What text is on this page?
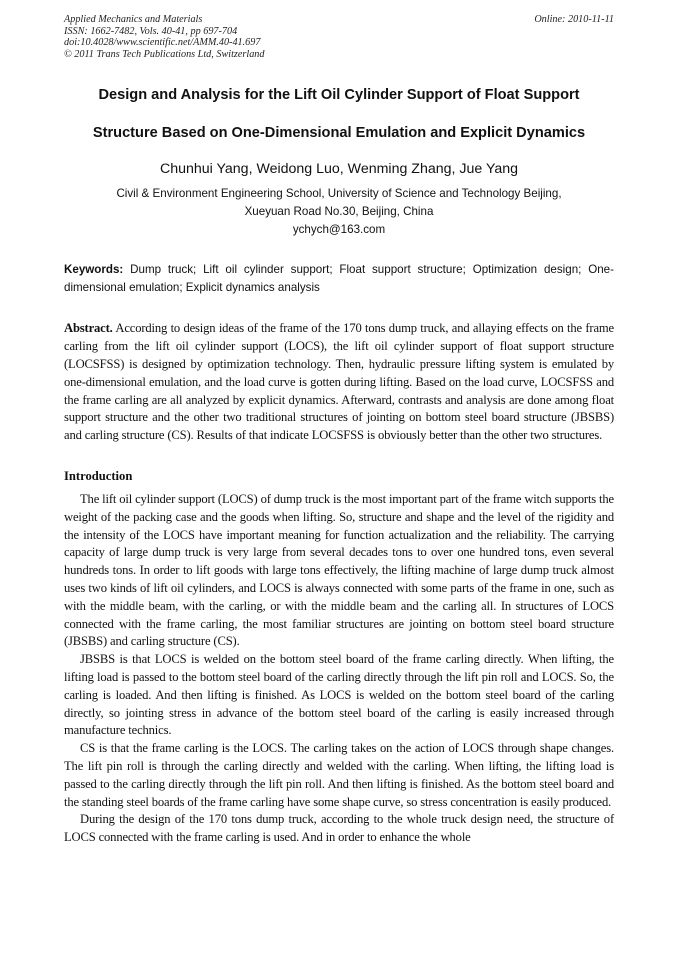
Applied Mechanics and Materials
ISSN: 1662-7482, Vols. 40-41, pp 697-704
doi:10.4028/www.scientific.net/AMM.40-41.697
© 2011 Trans Tech Publications Ltd, Switzerland
Online: 2010-11-11
Design and Analysis for the Lift Oil Cylinder Support of Float Support
Structure Based on One-Dimensional Emulation and Explicit Dynamics
Chunhui Yang, Weidong Luo, Wenming Zhang, Jue Yang
Civil & Environment Engineering School, University of Science and Technology Beijing,
Xueyuan Road No.30, Beijing, China
ychych@163.com
Keywords: Dump truck; Lift oil cylinder support; Float support structure; Optimization design; One-dimensional emulation; Explicit dynamics analysis
Abstract. According to design ideas of the frame of the 170 tons dump truck, and allaying effects on the frame carling from the lift oil cylinder support (LOCS), the lift oil cylinder support of float support structure (LOCSFSS) is designed by optimization technology. Then, hydraulic pressure lifting system is emulated by one-dimensional emulation, and the load curve is gotten during lifting. Based on the load curve, LOCSFSS and the frame carling are all analyzed by explicit dynamics. Afterward, contrasts and analysis are done among float support structure and the other two traditional structures of jointing on bottom steel board structure (JBSBS) and carling structure (CS). Results of that indicate LOCSFSS is obviously better than the other two structures.
Introduction

The lift oil cylinder support (LOCS) of dump truck is the most important part of the frame witch supports the weight of the packing case and the goods when lifting. So, structure and shape and the level of the rigidity and the intensity of the LOCS have important meaning for function actualization and the reliability. The carrying capacity of large dump truck is very large from several decades tons to over one hundred tons, even several hundreds tons. In order to lift goods with large tons effectively, the lifting machine of large dump truck almost uses two kinds of lift oil cylinders, and LOCS is always connected with some parts of the frame in one, such as with the middle beam, with the carling, or with the middle beam and the carling all. In structures of LOCS connected with the frame carling, the most familiar structures are jointing on bottom steel board structure (JBSBS) and carling structure (CS).

JBSBS is that LOCS is welded on the bottom steel board of the frame carling directly. When lifting, the lifting load is passed to the bottom steel board of the carling directly through the lift pin roll and LOCS. So, the carling is loaded. And then lifting is finished. As LOCS is welded on the bottom steel board of the carling directly, so jointing stress in advance of the bottom steel board of the carling is easily increased through manufacture technics.

CS is that the frame carling is the LOCS. The carling takes on the action of LOCS through shape changes. The lift pin roll is through the carling directly and welded with the carling. When lifting, the lifting load is passed to the carling directly through the lift pin roll. And then lifting is finished. As the bottom steel board and the standing steel boards of the frame carling have some shape curve, so stress concentration is easily produced.

During the design of the 170 tons dump truck, according to the whole truck design need, the structure of LOCS connected with the frame carling is used. And in order to enhance the whole
